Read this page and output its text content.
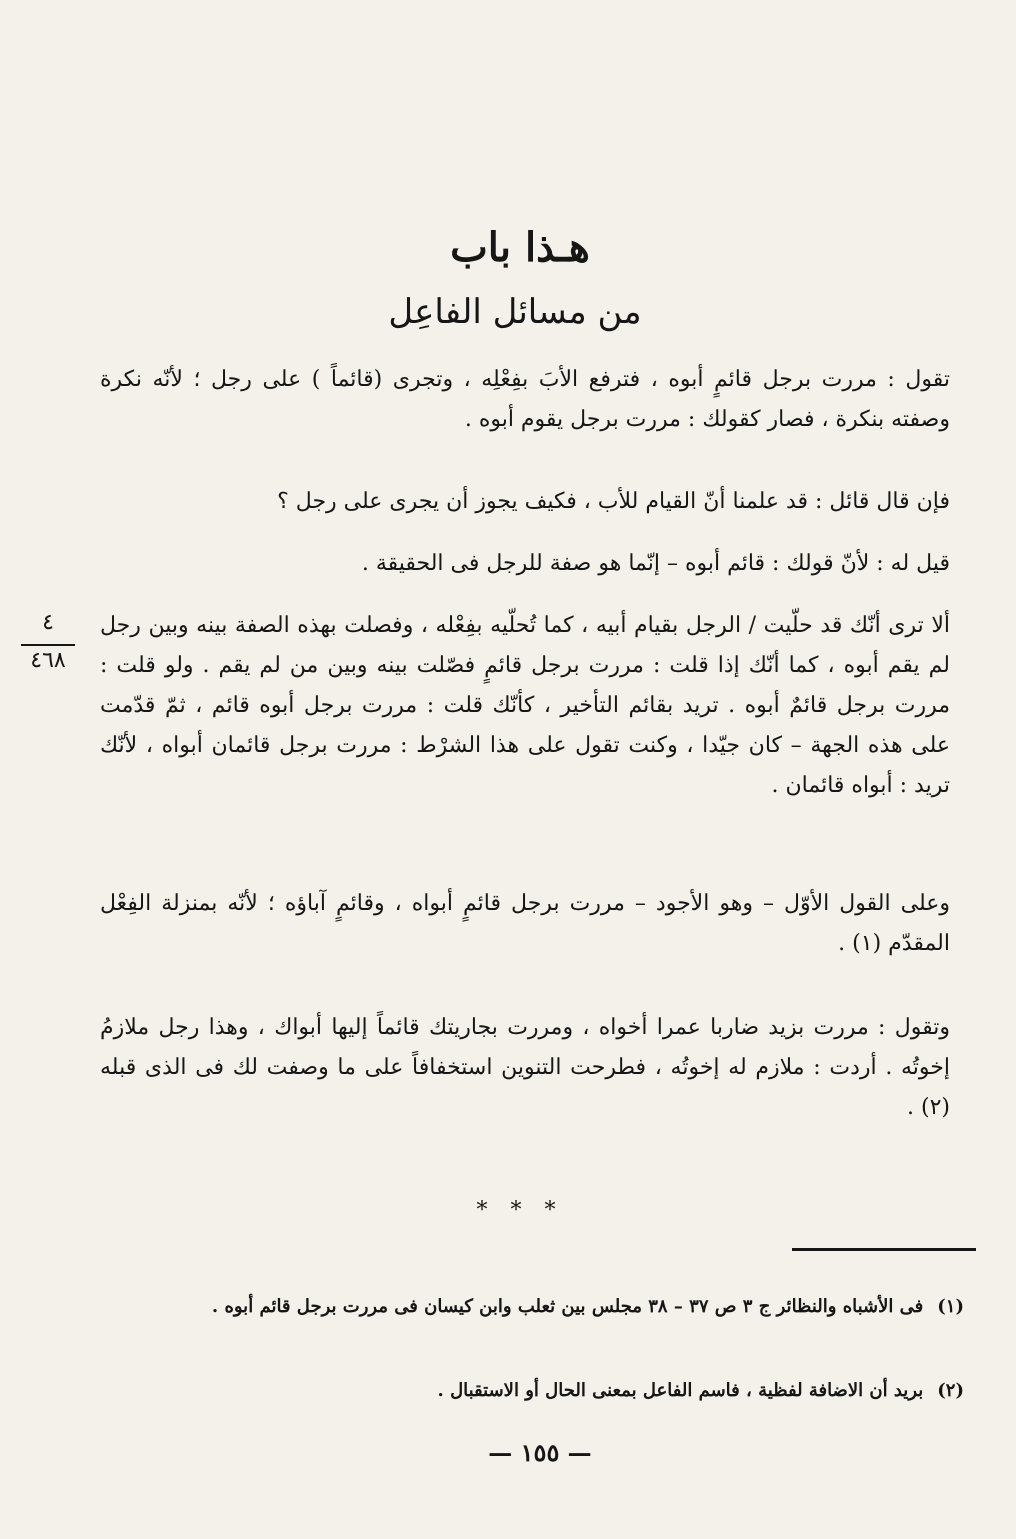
هـذا باب
من مسائل الفاعِل

تقول : مررت برجل قائمٍ أبوه ، فترفع الأبَ بفِعْلِه ، وتجرى (قائماً ) على رجل ؛ لأنّه نكرة وصفته بنكرة ، فصار كقولك : مررت برجل يقوم أبوه .

فإن قال قائل : قد علمنا أنّ القيام للأب ، فكيف يجوز أن يجرى على رجل ؟

قيل له : لأنّ قولك : قائم أبوه – إنّما هو صفة للرجل فى الحقيقة .

ألا ترى أنّك قد حلّيت / الرجل بقيام أبيه ، كما تُحلّيه بفِعْله ، وفصلت بهذه الصفة بينه وبين رجل لم يقم أبوه ، كما أنّك إذا قلت : مررت برجل قائمٍ فصّلت بينه وبين من لم يقم . ولو قلت : مررت برجل قائمٌ أبوه . تريد بقائم التأخير ، كأنّك قلت : مررت برجل أبوه قائم ، ثمّ قدّمت على هذه الجهة – كان جيّدا ، وكنت تقول على هذا الشرْط : مررت برجل قائمان أبواه ، لأنّك تريد : أبواه قائمان .

وعلى القول الأوّل – وهو الأجود – مررت برجل قائمٍ أبواه ، وقائمٍ آباؤه ؛ لأنّه بمنزلة الفِعْل المقدّم (١) .

وتقول : مررت بزيد ضاربا عمرا أخواه ، ومررت بجاريتك قائماً إليها أبواك ، وهذا رجل ملازمُ إخوتُه . أردت : ملازم له إخوتُه ، فطرحت التنوين استخفافاً على ما وصفت لك فى الذى قبله (٢) .

٤
٤٦٨
* * *
(١)فى الأشباه والنظائر ج ٣ ص ٣٧ – ٣٨ مجلس بين ثعلب وابن كيسان فى مررت برجل قائم أبوه .
(٢)بريد أن الاضافة لفظية ، فاسم الفاعل بمعنى الحال أو الاستقبال .
— ١٥٥ —
